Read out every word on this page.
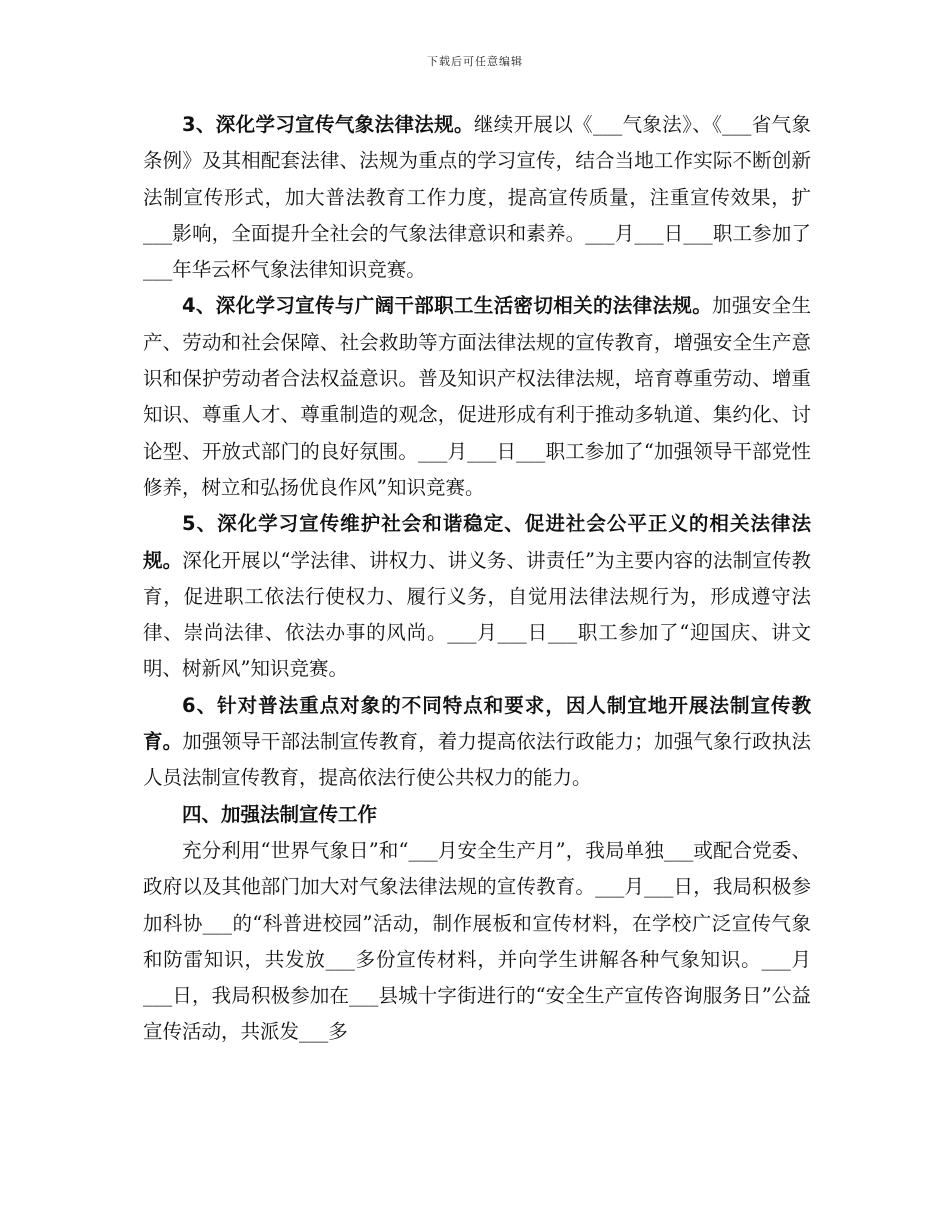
下载后可任意编辑

3、深化学习宣传气象法律法规。继续开展以《___气象法》、《___省气象条例》及其相配套法律、法规为重点的学习宣传，结合当地工作实际不断创新法制宣传形式，加大普法教育工作力度，提高宣传质量，注重宣传效果，扩___影响，全面提升全社会的气象法律意识和素养。___月___日___职工参加了___年华云杯气象法律知识竞赛。

4、深化学习宣传与广阔干部职工生活密切相关的法律法规。加强安全生产、劳动和社会保障、社会救助等方面法律法规的宣传教育，增强安全生产意识和保护劳动者合法权益意识。普及知识产权法律法规，培育尊重劳动、增重知识、尊重人才、尊重制造的观念，促进形成有利于推动多轨道、集约化、讨论型、开放式部门的良好氛围。___月___日___职工参加了“加强领导干部党性修养，树立和弘扬优良作风”知识竞赛。

5、深化学习宣传维护社会和谐稳定、促进社会公平正义的相关法律法规。深化开展以“学法律、讲权力、讲义务、讲责任”为主要内容的法制宣传教育，促进职工依法行使权力、履行义务，自觉用法律法规行为，形成遵守法律、崇尚法律、依法办事的风尚。___月___日___职工参加了“迎国庆、讲文明、树新风”知识竞赛。

6、针对普法重点对象的不同特点和要求，因人制宜地开展法制宣传教育。加强领导干部法制宣传教育，着力提高依法行政能力；加强气象行政执法人员法制宣传教育，提高依法行使公共权力的能力。

四、加强法制宣传工作

充分利用“世界气象日”和“___月安全生产月”，我局单独___或配合党委、政府以及其他部门加大对气象法律法规的宣传教育。___月___日，我局积极参加科协___的“科普进校园”活动，制作展板和宣传材料，在学校广泛宣传气象和防雷知识，共发放___多份宣传材料，并向学生讲解各种气象知识。___月___日，我局积极参加在___县城十字街进行的“安全生产宣传咨询服务日”公益宣传活动，共派发___多
